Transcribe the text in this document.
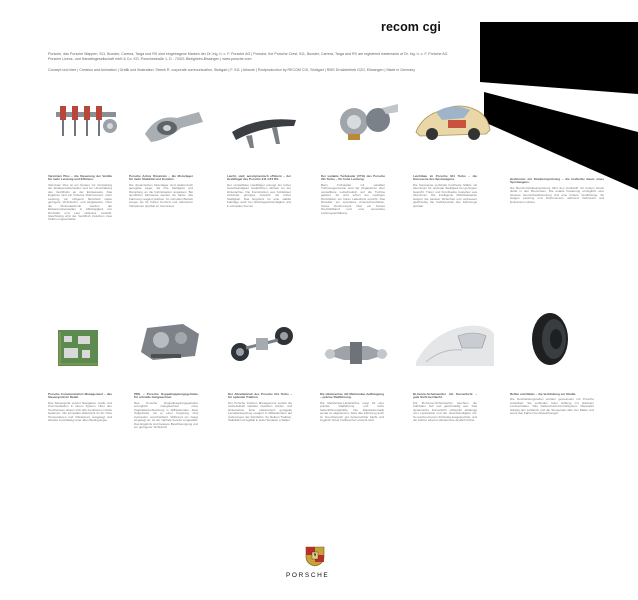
recom cgi
Porsche, das Porsche Wappen, 911, Boxster, Carrera, Targa und RS sind eingetragene Marken der Dr. Ing. h. c. F. Porsche AG | Porsche, the Porsche Crest, 911, Boxster, Carrera, Targa and RS are registered trademarks of Dr. Ing. h. c. F. Porsche AG
Porsche Lizenz- und Handelsgesellschaft mbH & Co. KG, Porschestraße 1, D - 74321 Bietigheim-Bissingen | www.porsche.com
Concept und Idee | Creation and Animation | Grafik und Illustration: Strenk R. corporate communication, Stuttgart | F. 911 | Artwork | Postproduction by RECOM CGI, Stuttgart | RMS Druckbetrieb GZG, Ellwangen | Made in Germany
VarioCam Plus – die Steuerung der Ventile für mehr Leistung und Effizienz.
VarioCam Plus ist ein System zur Verstellung der Einlassnockenwellen und zur Umschaltung des Ventilhubs an der Einlassseite. Das Ergebnis sind ein höheres Drehmoment, mehr Leistung, ein ruhigerer Motorlauf sowie geringere Verbrauchs- und Abgaswerte. Über die Motorelektronik werden die Einlassnockenwellen in Abhängigkeit von Drehzahl und Last stufenlos verstellt. Gleichzeitig wird der Ventilhub zwischen zwei Stufen umgeschaltet.
Porsche Active Drivetrain – die Motorlager für mehr Stabilität und Komfort.
Die dynamischen Motorlager sind elektronisch geregelte Lager, die ihre Steifigkeit und Dämpfung an die Fahrsituation anpassen. Bei sportlicher Fahrweise werden sie härter, das Fahrzeug reagiert präziser. Im normalen Betrieb sorgen sie für hohen Komfort und reduzieren Vibrationen spürbar im Innenraum.
Leicht, steif, aerodynamisch effizient – der Heckflügel des Porsche 911 GT3 RS.
Der verstellbare Heckflügel erzeugt bei hoher Geschwindigkeit zusätzlichen Abtrieb an der Hinterachse. Die Konstruktion aus Kohlefaser verbindet geringes Gewicht mit hoher Steifigkeit. Das Ergebnis ist eine stabile Fahrlage auch bei Höchstgeschwindigkeit und in schnellen Kurven.
Der variable Turbolader (VTG) des Porsche 911 Turbo – für hohe Leistung.
Beim Turbolader mit variabler Turbinengeometrie wird der Abgasstrom über verstellbare Leitschaufeln auf die Turbine geleitet. So wird schon bei niedrigen Drehzahlen ein hoher Ladedruck erreicht. Das Resultat: ein spontanes Ansprechverhalten, hohes Drehmoment über ein breites Drehzahlband und eine souveräne Leistungsentfaltung.
Leichtbau im Porsche 911 Turbo – die Karosserie des Sportwagens.
Die Karosserie verbindet hochfeste Stähle mit Aluminium für optimale Steifigkeit bei geringem Gewicht. Türen und Fronthaube bestehen aus Aluminium. Die intelligente Mischbauweise steigert die passive Sicherheit und verbessert gleichzeitig die Fahrdynamik des Fahrzeugs spürbar.
Heckmotor mit Direkteinspritzung – die kraftvolle Basis eines Sportwagens.
Die Benzin-Direkteinspritzung führt den Kraftstoff mit hohem Druck direkt in den Brennraum. Die exakte Dosierung ermöglicht eine bessere Gemischaufbereitung und eine höhere Verdichtung. So steigen Leistung und Drehmoment, während Verbrauch und Emissionen sinken.
Porsche Communication Management – das Steuergerät im Detail.
Das Steuergerät vereint Navigation, Audio und Kommunikation in einem System. Über den Touchscreen lassen sich alle Funktionen intuitiv bedienen. Die kompakte Elektronik ist für hohe Temperaturen und Vibrationen ausgelegt und arbeitet zuverlässig unter allen Bedingungen.
PDK – Porsche Doppelkupplungsgetriebe für schnelle Gangwechsel.
Das Porsche Doppelkupplungsgetriebe ermöglicht Gangwechsel ohne Zugkraftunterbrechung in Millisekunden. Zwei Teilgetriebe mit je einer Kupplung sind ineinander verschachtelt. Während ein Gang eingelegt ist, ist der nächste bereits vorgewählt. Das Ergebnis sind bessere Beschleunigung und ein geringerer Verbrauch.
Der Allradantrieb des Porsche 911 Turbo – für optimale Traktion.
Der Porsche Traction Management verteilt die Antriebskraft variabel zwischen Vorder- und Hinterachse. Eine elektronisch geregelte Lamellenkupplung reagiert in Millisekunden auf Änderungen der Fahrbahn. So bleiben Traktion, Stabilität und Agilität in jeder Situation erhalten.
Die Hinterachse mit Mehrlenker-Aufhängung – präzise Radführung.
Die Mehrlenker-Hinterachse sorgt für eine präzise Radführung und hohe Seitenführungskräfte. Die Elastokinematik wurde so abgestimmt, dass das Fahrzeug auch im Grenzbereich gut beherrschbar bleibt und zugleich hoher Fahrkomfort erreicht wird.
Bi-Xenon-Scheinwerfer mit Kurvenlicht – gute Sicht bei Nacht.
Die Bi-Xenon-Scheinwerfer leuchten die Fahrbahn hell und gleichmäßig aus. Das dynamische Kurvenlicht schwenkt abhängig vom Lenkwinkel und der Geschwindigkeit mit. So werden Kurven frühzeitig ausgeleuchtet, und der Fahrer erkennt Hindernisse deutlich früher.
Reifen und Räder – die Verbindung zur Straße.
Die Hochleistungsreifen wurden gemeinsam mit Porsche entwickelt. Sie verbinden hohe Haftung mit präzisem Lenkverhalten. Das Reifendruck-Kontrollsystem überwacht ständig den Luftdruck und die Temperatur aller vier Räder und warnt den Fahrer bei Abweichungen.
PORSCHE
